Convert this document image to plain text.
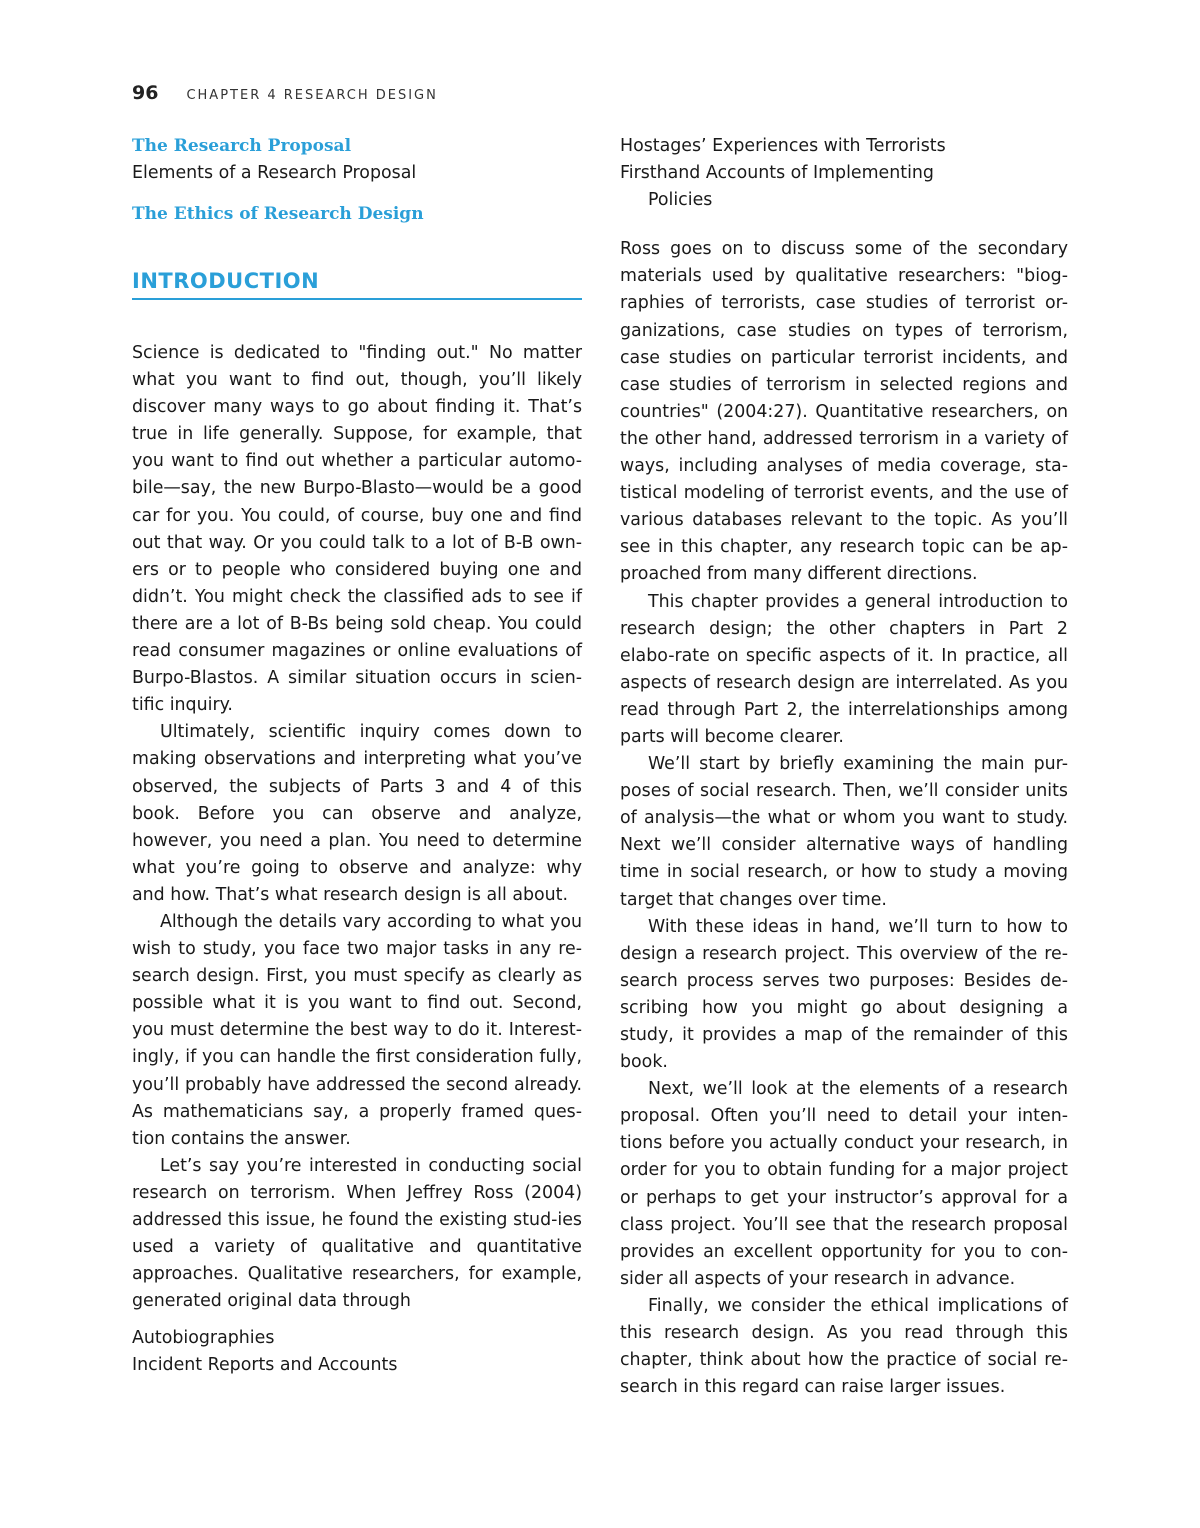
96 CHAPTER 4 RESEARCH DESIGN
The Research Proposal
Elements of a Research Proposal
The Ethics of Research Design
INTRODUCTION

Science is dedicated to "finding out." No matter what you want to find out, though, you’ll likely discover many ways to go about finding it. That’s true in life generally. Suppose, for example, that you want to find out whether a particular automo-bile—say, the new Burpo-Blasto—would be a good car for you. You could, of course, buy one and find out that way. Or you could talk to a lot of B-B own-ers or to people who considered buying one and didn’t. You might check the classified ads to see if there are a lot of B-Bs being sold cheap. You could read consumer magazines or online evaluations of Burpo-Blastos. A similar situation occurs in scien-tific inquiry.

Ultimately, scientific inquiry comes down to making observations and interpreting what you’ve observed, the subjects of Parts 3 and 4 of this book. Before you can observe and analyze, however, you need a plan. You need to determine what you’re going to observe and analyze: why and how. That’s what research design is all about.

Although the details vary according to what you wish to study, you face two major tasks in any re-search design. First, you must specify as clearly as possible what it is you want to find out. Second, you must determine the best way to do it. Interest-ingly, if you can handle the first consideration fully, you’ll probably have addressed the second already. As mathematicians say, a properly framed ques-tion contains the answer.

Let’s say you’re interested in conducting social research on terrorism. When Jeffrey Ross (2004) addressed this issue, he found the existing stud-ies used a variety of qualitative and quantitative approaches. Qualitative researchers, for example, generated original data through

Autobiographies
Incident Reports and Accounts
Hostages’ Experiences with Terrorists
Firsthand Accounts of Implementing
Policies

Ross goes on to discuss some of the secondary materials used by qualitative researchers: "biog-raphies of terrorists, case studies of terrorist or-ganizations, case studies on types of terrorism, case studies on particular terrorist incidents, and case studies of terrorism in selected regions and countries" (2004:27). Quantitative researchers, on the other hand, addressed terrorism in a variety of ways, including analyses of media coverage, sta-tistical modeling of terrorist events, and the use of various databases relevant to the topic. As you’ll see in this chapter, any research topic can be ap-proached from many different directions.

This chapter provides a general introduction to research design; the other chapters in Part 2 elabo-rate on specific aspects of it. In practice, all aspects of research design are interrelated. As you read through Part 2, the interrelationships among parts will become clearer.

We’ll start by briefly examining the main pur-poses of social research. Then, we’ll consider units of analysis—the what or whom you want to study. Next we’ll consider alternative ways of handling time in social research, or how to study a moving target that changes over time.

With these ideas in hand, we’ll turn to how to design a research project. This overview of the re-search process serves two purposes: Besides de-scribing how you might go about designing a study, it provides a map of the remainder of this book.

Next, we’ll look at the elements of a research proposal. Often you’ll need to detail your inten-tions before you actually conduct your research, in order for you to obtain funding for a major project or perhaps to get your instructor’s approval for a class project. You’ll see that the research proposal provides an excellent opportunity for you to con-sider all aspects of your research in advance.

Finally, we consider the ethical implications of this research design. As you read through this chapter, think about how the practice of social re-search in this regard can raise larger issues.
